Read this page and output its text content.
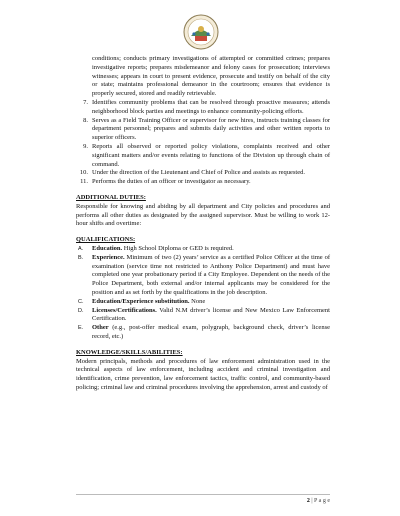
conditions; conducts primary investigations of attempted or committed crimes; prepares investigative reports; prepares misdemeanor and felony cases for prosecution; interviews witnesses; appears in court to present evidence, prosecute and testify on behalf of the city or state; maintains professional demeanor in the courtroom; ensures that evidence is properly secured, stored and readily retrievable.

7. Identifies community problems that can be resolved through proactive measures; attends neighborhood block parties and meetings to enhance community-policing efforts.
8. Serves as a Field Training Officer or supervisor for new hires, instructs training classes for department personnel; prepares and submits daily activities and other written reports to superior officers.
9. Reports all observed or reported policy violations, complaints received and other significant matters and/or events relating to functions of the Division up through chain of command.
10. Under the direction of the Lieutenant and Chief of Police and assists as requested.
11. Performs the duties of an officer or investigator as necessary.

ADDITIONAL DUTIES:

Responsible for knowing and abiding by all department and City policies and procedures and performs all other duties as designated by the assigned supervisor. Must be willing to work 12-hour shifts and overtime:

QUALIFICATIONS:

A. Education. High School Diploma or GED is required.
B. Experience. Minimum of two (2) years’ service as a certified Police Officer at the time of examination (service time not restricted to Anthony Police Department) and must have completed one year probationary period if a City Employee. Dependent on the needs of the Police Department, both external and/or internal applicants may be considered for the position and as set forth by the qualifications in the job description.
C. Education/Experience substitution. None
D. Licenses/Certifications. Valid N.M driver’s license and New Mexico Law Enforcement Certification.
E. Other (e.g., post-offer medical exam, polygraph, background check, driver’s license record, etc.)

KNOWLEDGE/SKILLS/ABILITIES:

Modern principals, methods and procedures of law enforcement administration used in the technical aspects of law enforcement, including accident and criminal investigation and identification, crime prevention, law enforcement tactics, traffic control, and community-based policing; criminal law and criminal procedures involving the apprehension, arrest and custody of

2 | P a g e
